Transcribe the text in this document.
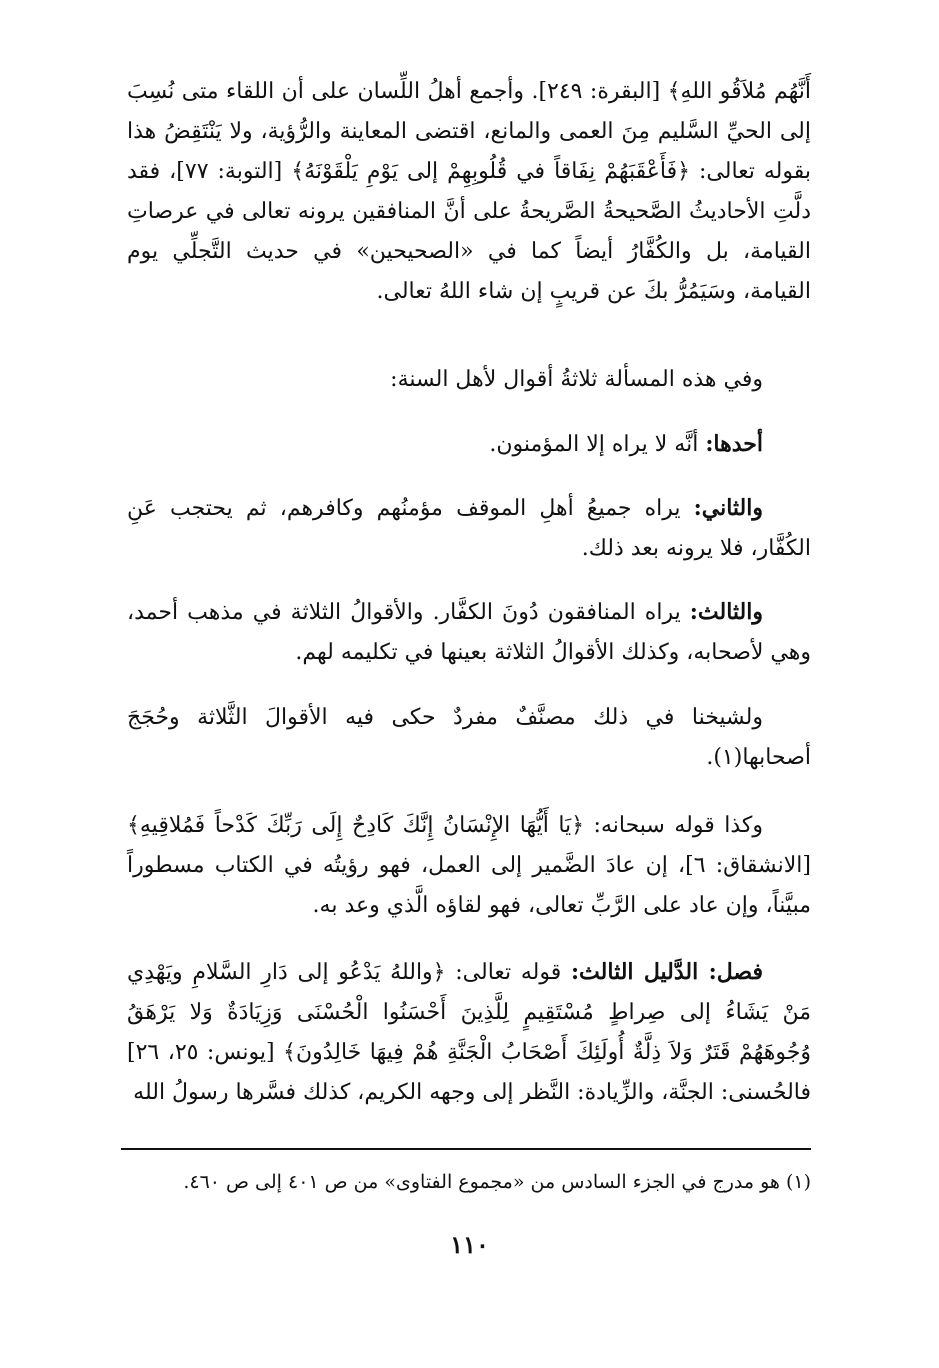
أَنَّهُم مُلاَقُو اللهِ﴾ [البقرة: ٢٤٩]. وأجمع أهلُ اللِّسان على أن اللقاء متى نُسِبَ إلى الحيِّ السَّليم مِنَ العمى والمانع، اقتضى المعاينة والرُّؤية، ولا يَنْتَقِضُ هذا بقوله تعالى: ﴿فَأَعْقَبَهُمْ نِفَاقاً في قُلُوبِهِمْ إلى يَوْمِ يَلْقَوْنَهُ﴾ [التوبة: ٧٧]، فقد دلَّتِ الأحاديثُ الصَّحيحةُ الصَّريحةُ على أنَّ المنافقين يرونه تعالى في عرصاتِ القيامة، بل والكُفَّارُ أيضاً كما في «الصحيحين» في حديث التَّجلِّي يوم القيامة، وسَيَمُرُّ بكَ عن قريبٍ إن شاء اللهُ تعالى.
وفي هذه المسألة ثلاثةُ أقوال لأهل السنة:
أحدها: أنَّه لا يراه إلا المؤمنون.
والثاني: يراه جميعُ أهلِ الموقف مؤمنُهم وكافرهم، ثم يحتجب عَنِ الكُفَّار، فلا يرونه بعد ذلك.
والثالث: يراه المنافقون دُونَ الكفَّار. والأقوالُ الثلاثة في مذهب أحمد، وهي لأصحابه، وكذلك الأقوالُ الثلاثة بعينها في تكليمه لهم.
ولشيخنا في ذلك مصنَّفٌ مفردٌ حكى فيه الأقوالَ الثَّلاثة وحُجَجَ أصحابها(١).
وكذا قوله سبحانه: ﴿يَا أَيُّهَا الإِنْسَانُ إِنَّكَ كَادِحٌ إِلَى رَبِّكَ كَدْحاً فَمُلاقِيهِ﴾ [الانشقاق: ٦]، إن عادَ الضَّمير إلى العمل، فهو رؤيتُه في الكتاب مسطوراً مبيَّناً، وإن عاد على الرَّبِّ تعالى، فهو لقاؤه الَّذي وعد به.
فصل: الدَّليل الثالث: قوله تعالى: ﴿واللهُ يَدْعُو إلى دَارِ السَّلامِ ويَهْدِي مَنْ يَشَاءُ إلى صِراطٍ مُسْتَقِيمٍ لِلَّذِينَ أَحْسَنُوا الْحُسْنَى وَزِيَادَةٌ وَلا يَرْهَقُ وُجُوهَهُمْ قَتَرٌ وَلاَ ذِلَّةٌ أُولَئِكَ أَصْحَابُ الْجَنَّةِ هُمْ فِيهَا خَالِدُونَ﴾ [يونس: ٢٥، ٢٦] فالحُسنى: الجنَّة، والزِّيادة: النَّظر إلى وجهه الكريم، كذلك فسَّرها رسولُ الله
(١) هو مدرج في الجزء السادس من «مجموع الفتاوى» من ص ٤٠١ إلى ص ٤٦٠.
١١٠
